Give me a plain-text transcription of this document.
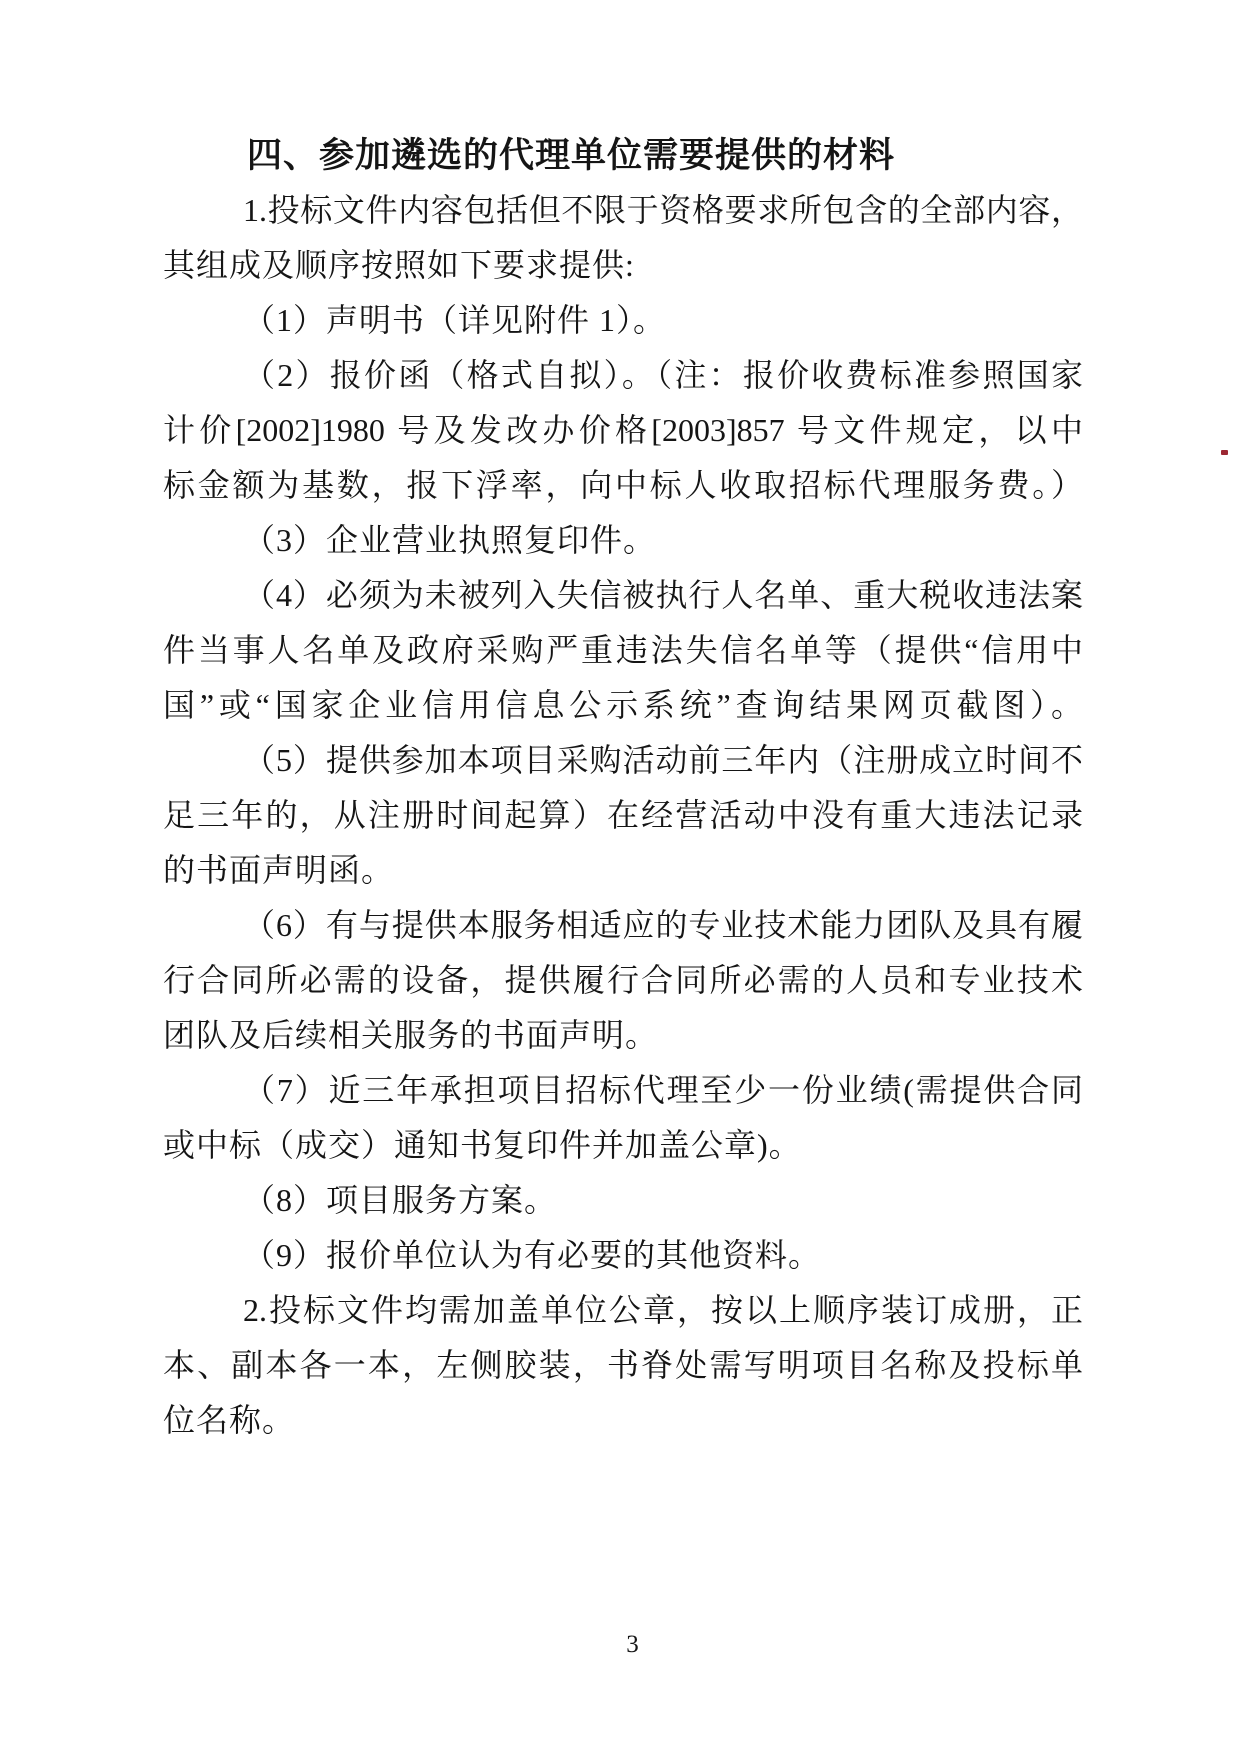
四、参加遴选的代理单位需要提供的材料
1.投标文件内容包括但不限于资格要求所包含的全部内容，
其组成及顺序按照如下要求提供:
（1）声明书（详见附件 1）。
（2）报价函（格式自拟）。（注：报价收费标准参照国家
计价[2002]1980 号及发改办价格[2003]857 号文件规定，以中
标金额为基数，报下浮率，向中标人收取招标代理服务费。）
（3）企业营业执照复印件。
（4）必须为未被列入失信被执行人名单、重大税收违法案
件当事人名单及政府采购严重违法失信名单等（提供“信用中
国”或“国家企业信用信息公示系统”查询结果网页截图）。
（5）提供参加本项目采购活动前三年内（注册成立时间不
足三年的，从注册时间起算）在经营活动中没有重大违法记录
的书面声明函。
（6）有与提供本服务相适应的专业技术能力团队及具有履
行合同所必需的设备，提供履行合同所必需的人员和专业技术
团队及后续相关服务的书面声明。
（7）近三年承担项目招标代理至少一份业绩(需提供合同
或中标（成交）通知书复印件并加盖公章)。
（8）项目服务方案。
（9）报价单位认为有必要的其他资料。
2.投标文件均需加盖单位公章，按以上顺序装订成册，正
本、副本各一本，左侧胶装，书脊处需写明项目名称及投标单
位名称。
3
